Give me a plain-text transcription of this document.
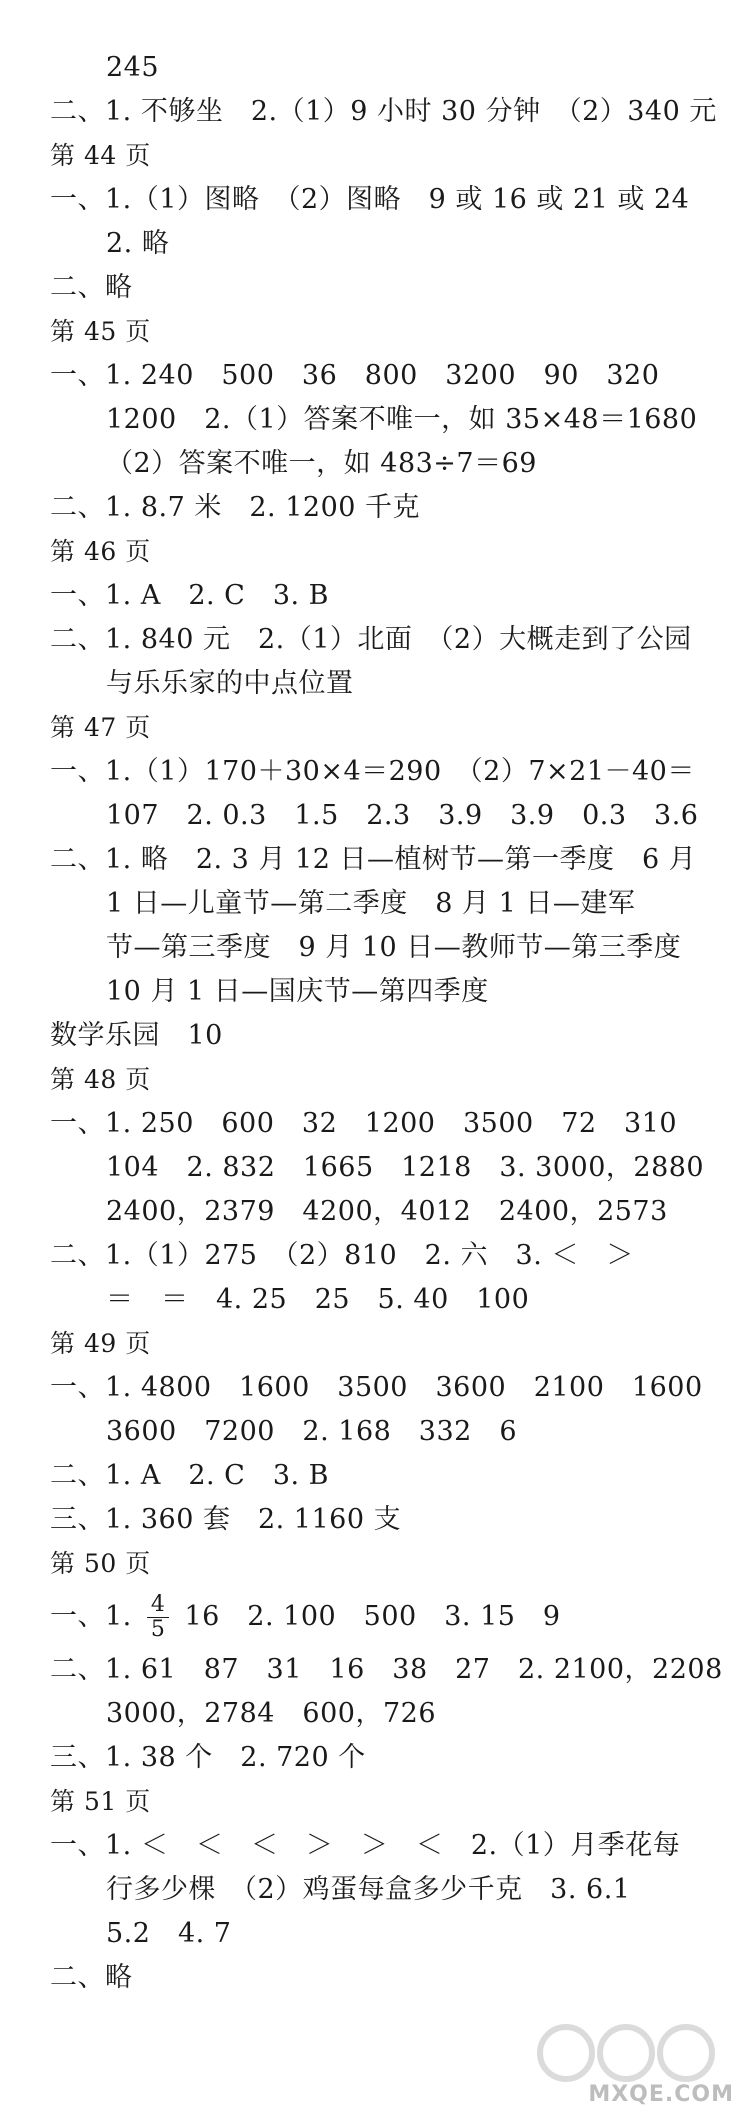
245
二、1. 不够坐　2.（1）9 小时 30 分钟　（2）340 元
第 44 页
一、1.（1）图略　（2）图略　9 或 16 或 21 或 24
2. 略
二、略
第 45 页
一、1. 240　500　36　800　3200　90　320
1200　2.（1）答案不唯一，如 35×48＝1680
（2）答案不唯一，如 483÷7＝69
二、1. 8.7 米　2. 1200 千克
第 46 页
一、1. A　2. C　3. B
二、1. 840 元　2.（1）北面　（2）大概走到了公园
与乐乐家的中点位置
第 47 页
一、1.（1）170＋30×4＝290　（2）7×21－40＝
107　2. 0.3　1.5　2.3　3.9　3.9　0.3　3.6
二、1. 略　2. 3 月 12 日—植树节—第一季度　6 月
1 日—儿童节—第二季度　8 月 1 日—建军
节—第三季度　9 月 10 日—教师节—第三季度
10 月 1 日—国庆节—第四季度
数学乐园　10
第 48 页
一、1. 250　600　32　1200　3500　72　310
104　2. 832　1665　1218　3. 3000，2880
2400，2379　4200，4012　2400，2573
二、1.（1）275　（2）810　2. 六　3. ＜　＞
＝　＝　4. 25　25　5. 40　100
第 49 页
一、1. 4800　1600　3500　3600　2100　1600
3600　7200　2. 168　332　6
二、1. A　2. C　3. B
三、1. 360 套　2. 1160 支
第 50 页
一、1. $\frac{4}{5} 16$　2. 100　500　3. 15　9
二、1. 61　87　31　16　38　27　2. 2100，2208
3000，2784　600，726
三、1. 38 个　2. 720 个
第 51 页
一、1. ＜　＜　＜　＞　＞　＜　2.（1）月季花每
行多少棵　（2）鸡蛋每盒多少千克　3. 6.1
5.2　4. 7
二、略
MXQE.COM
